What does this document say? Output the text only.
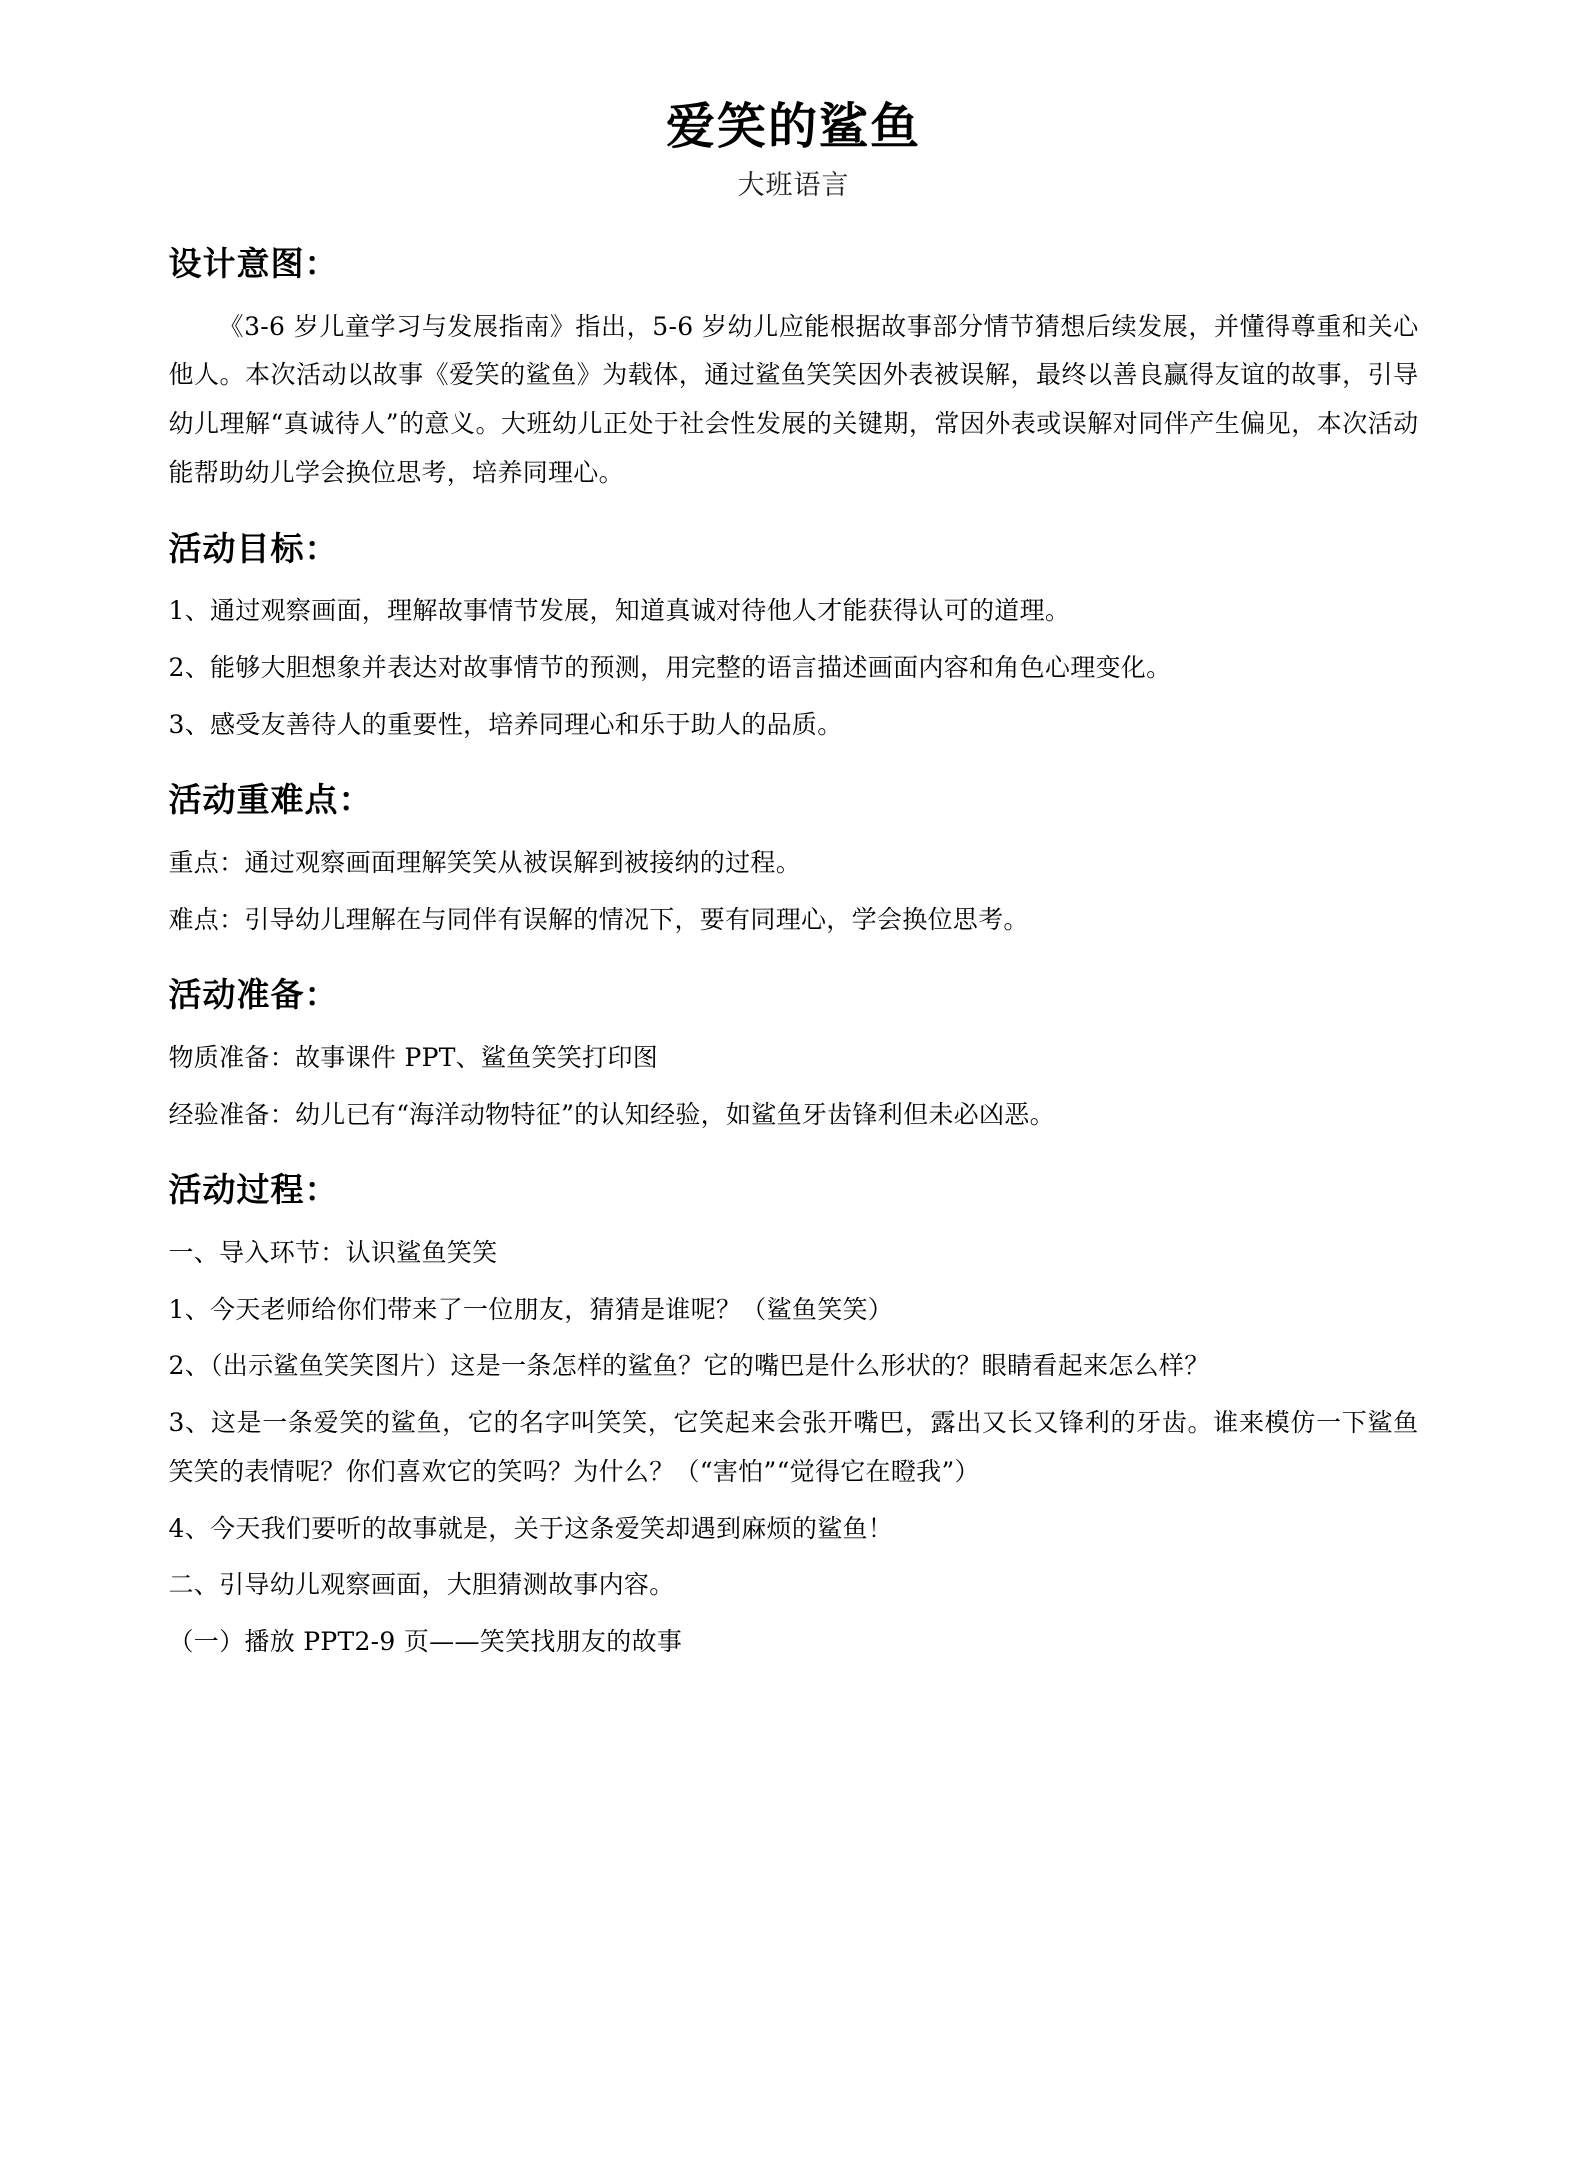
爱笑的鲨鱼
大班语言
设计意图：

《3-6 岁儿童学习与发展指南》指出，5-6 岁幼儿应能根据故事部分情节猜想后续发展，并懂得尊重和关心他人。本次活动以故事《爱笑的鲨鱼》为载体，通过鲨鱼笑笑因外表被误解，最终以善良赢得友谊的故事，引导幼儿理解“真诚待人”的意义。大班幼儿正处于社会性发展的关键期，常因外表或误解对同伴产生偏见，本次活动能帮助幼儿学会换位思考，培养同理心。

活动目标：

1、通过观察画面，理解故事情节发展，知道真诚对待他人才能获得认可的道理。

2、能够大胆想象并表达对故事情节的预测，用完整的语言描述画面内容和角色心理变化。

3、感受友善待人的重要性，培养同理心和乐于助人的品质。

活动重难点：

重点：通过观察画面理解笑笑从被误解到被接纳的过程。

难点：引导幼儿理解在与同伴有误解的情况下，要有同理心，学会换位思考。

活动准备：

物质准备：故事课件 PPT、鲨鱼笑笑打印图

经验准备：幼儿已有“海洋动物特征”的认知经验，如鲨鱼牙齿锋利但未必凶恶。

活动过程：

一、导入环节：认识鲨鱼笑笑

1、今天老师给你们带来了一位朋友，猜猜是谁呢？（鲨鱼笑笑）

2、（出示鲨鱼笑笑图片）这是一条怎样的鲨鱼？它的嘴巴是什么形状的？眼睛看起来怎么样？

3、这是一条爱笑的鲨鱼，它的名字叫笑笑，它笑起来会张开嘴巴，露出又长又锋利的牙齿。谁来模仿一下鲨鱼笑笑的表情呢？你们喜欢它的笑吗？为什么？（“害怕”“觉得它在瞪我”）

4、今天我们要听的故事就是，关于这条爱笑却遇到麻烦的鲨鱼！

二、引导幼儿观察画面，大胆猜测故事内容。

（一）播放 PPT2-9 页——笑笑找朋友的故事
